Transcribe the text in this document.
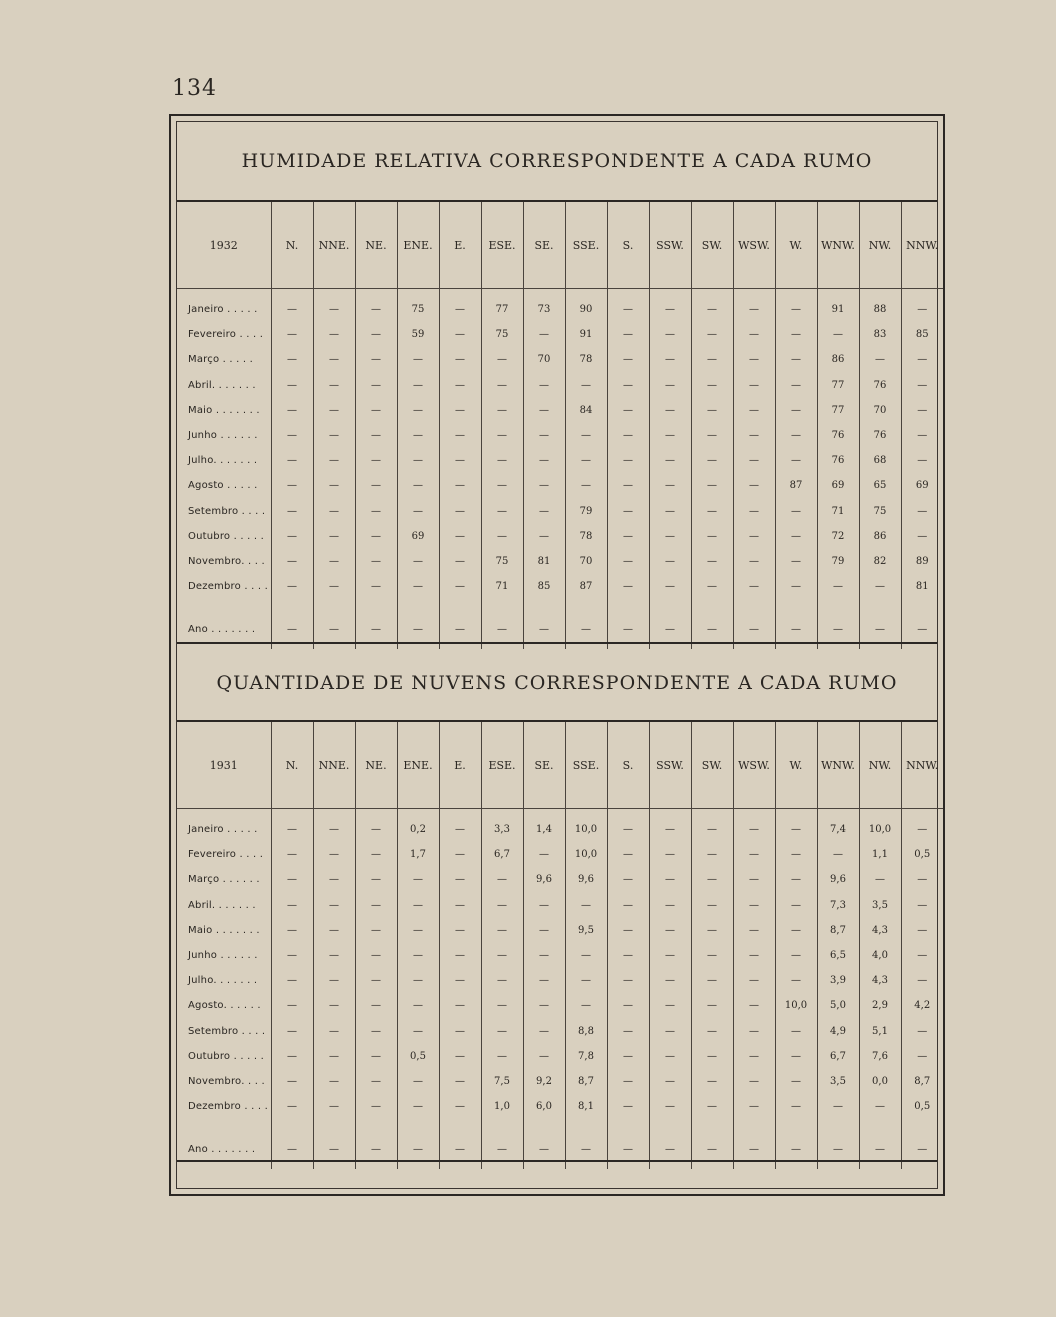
134
HUMIDADE RELATIVA CORRESPONDENTE A CADA RUMO
1932	N.	NNE.	NE.	ENE.	E.	ESE.	SE.	SSE.	S.	SSW.	SW.	WSW.	W.	WNW.	NW.	NNW.
Janeiro . . . . .	—	—	—	75	—	77	73	90	—	—	—	—	—	91	88	—
Fevereiro . . . .	—	—	—	59	—	75	—	91	—	—	—	—	—	—	83	85
Março . . . . .	—	—	—	—	—	—	70	78	—	—	—	—	—	86	—	—
Abril. . . . . . .	—	—	—	—	—	—	—	—	—	—	—	—	—	77	76	—
Maio . . . . . . .	—	—	—	—	—	—	—	84	—	—	—	—	—	77	70	—
Junho . . . . . .	—	—	—	—	—	—	—	—	—	—	—	—	—	76	76	—
Julho. . . . . . .	—	—	—	—	—	—	—	—	—	—	—	—	—	76	68	—
Agosto . . . . .	—	—	—	—	—	—	—	—	—	—	—	—	87	69	65	69
Setembro . . . .	—	—	—	—	—	—	—	79	—	—	—	—	—	71	75	—
Outubro . . . . .	—	—	—	69	—	—	—	78	—	—	—	—	—	72	86	—
Novembro. . . .	—	—	—	—	—	75	81	70	—	—	—	—	—	79	82	89
Dezembro . . . .	—	—	—	—	—	71	85	87	—	—	—	—	—	—	—	81
Ano . . . . . . .	—	—	—	—	—	—	—	—	—	—	—	—	—	—	—	—
QUANTIDADE DE NUVENS CORRESPONDENTE A CADA RUMO
1931	N.	NNE.	NE.	ENE.	E.	ESE.	SE.	SSE.	S.	SSW.	SW.	WSW.	W.	WNW.	NW.	NNW.
Janeiro . . . . .	—	—	—	0,2	—	3,3	1,4	10,0	—	—	—	—	—	7,4	10,0	—
Fevereiro . . . .	—	—	—	1,7	—	6,7	—	10,0	—	—	—	—	—	—	1,1	0,5
Março . . . . . .	—	—	—	—	—	—	9,6	9,6	—	—	—	—	—	9,6	—	—
Abril. . . . . . .	—	—	—	—	—	—	—	—	—	—	—	—	—	7,3	3,5	—
Maio . . . . . . .	—	—	—	—	—	—	—	9,5	—	—	—	—	—	8,7	4,3	—
Junho . . . . . .	—	—	—	—	—	—	—	—	—	—	—	—	—	6,5	4,0	—
Julho. . . . . . .	—	—	—	—	—	—	—	—	—	—	—	—	—	3,9	4,3	—
Agosto. . . . . .	—	—	—	—	—	—	—	—	—	—	—	—	10,0	5,0	2,9	4,2
Setembro . . . .	—	—	—	—	—	—	—	8,8	—	—	—	—	—	4,9	5,1	—
Outubro . . . . .	—	—	—	0,5	—	—	—	7,8	—	—	—	—	—	6,7	7,6	—
Novembro. . . .	—	—	—	—	—	7,5	9,2	8,7	—	—	—	—	—	3,5	0,0	8,7
Dezembro . . . .	—	—	—	—	—	1,0	6,0	8,1	—	—	—	—	—	—	—	0,5
Ano . . . . . . .	—	—	—	—	—	—	—	—	—	—	—	—	—	—	—	—
